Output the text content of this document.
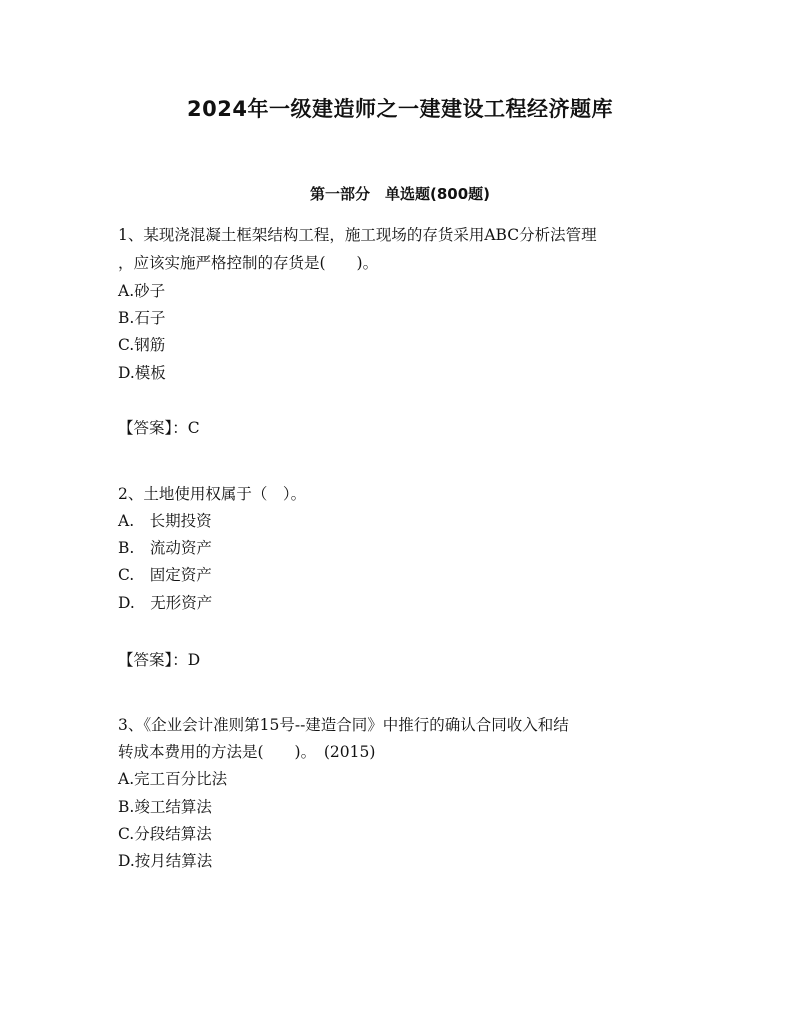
2024年一级建造师之一建建设工程经济题库
第一部分　单选题(800题)
1、某现浇混凝土框架结构工程，施工现场的存货采用ABC分析法管理
，应该实施严格控制的存货是(　　)。
A.砂子
B.石子
C.钢筋
D.模板
【答案】：C
2、土地使用权属于（　）。
A.　长期投资
B.　流动资产
C.　固定资产
D.　无形资产
【答案】：D
3、《企业会计准则第15号--建造合同》中推行的确认合同收入和结
转成本费用的方法是(　　)。　(2015)
A.完工百分比法
B.竣工结算法
C.分段结算法
D.按月结算法
